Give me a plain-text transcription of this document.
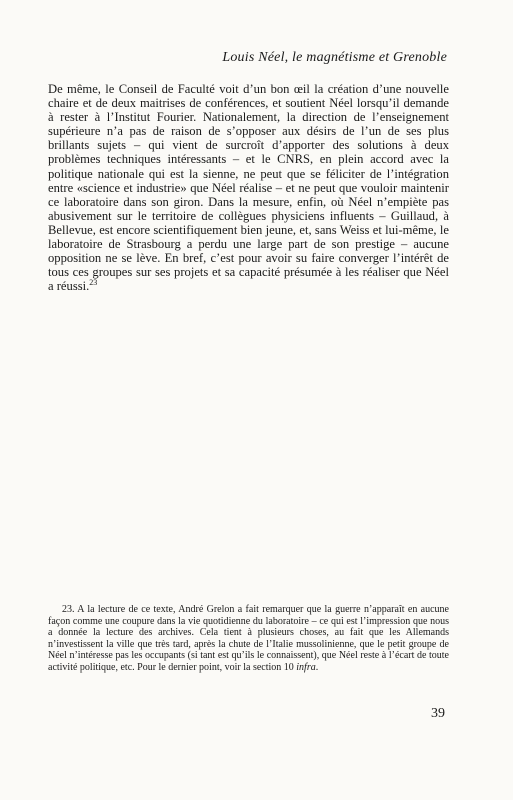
Louis Néel, le magnétisme et Grenoble
De même, le Conseil de Faculté voit d’un bon œil la création d’une nouvelle chaire et de deux maitrises de conférences, et soutient Néel lorsqu’il demande à rester à l’Institut Fourier. Nationalement, la direction de l’enseignement supérieure n’a pas de raison de s’opposer aux désirs de l’un de ses plus brillants sujets – qui vient de surcroît d’apporter des solutions à deux problèmes techniques intéressants – et le CNRS, en plein accord avec la politique nationale qui est la sienne, ne peut que se féliciter de l’intégration entre «science et industrie» que Néel réalise – et ne peut que vouloir maintenir ce laboratoire dans son giron. Dans la mesure, enfin, où Néel n’empiète pas abusivement sur le territoire de collègues physiciens influents – Guillaud, à Bellevue, est encore scientifiquement bien jeune, et, sans Weiss et lui-même, le laboratoire de Strasbourg a perdu une large part de son prestige – aucune opposition ne se lève. En bref, c’est pour avoir su faire converger l’intérêt de tous ces groupes sur ses projets et sa capacité présumée à les réaliser que Néel a réussi.$^{23}$
23. A la lecture de ce texte, André Grelon a fait remarquer que la guerre n’apparaît en aucune façon comme une coupure dans la vie quotidienne du laboratoire – ce qui est l’impression que nous a donnée la lecture des archives. Cela tient à plusieurs choses, au fait que les Allemands n’investissent la ville que très tard, après la chute de l’Italie mussolinienne, que le petit groupe de Néel n’intéresse pas les occupants (si tant est qu’ils le connaissent), que Néel reste à l’écart de toute activité politique, etc. Pour le dernier point, voir la section 10 infra.
39
